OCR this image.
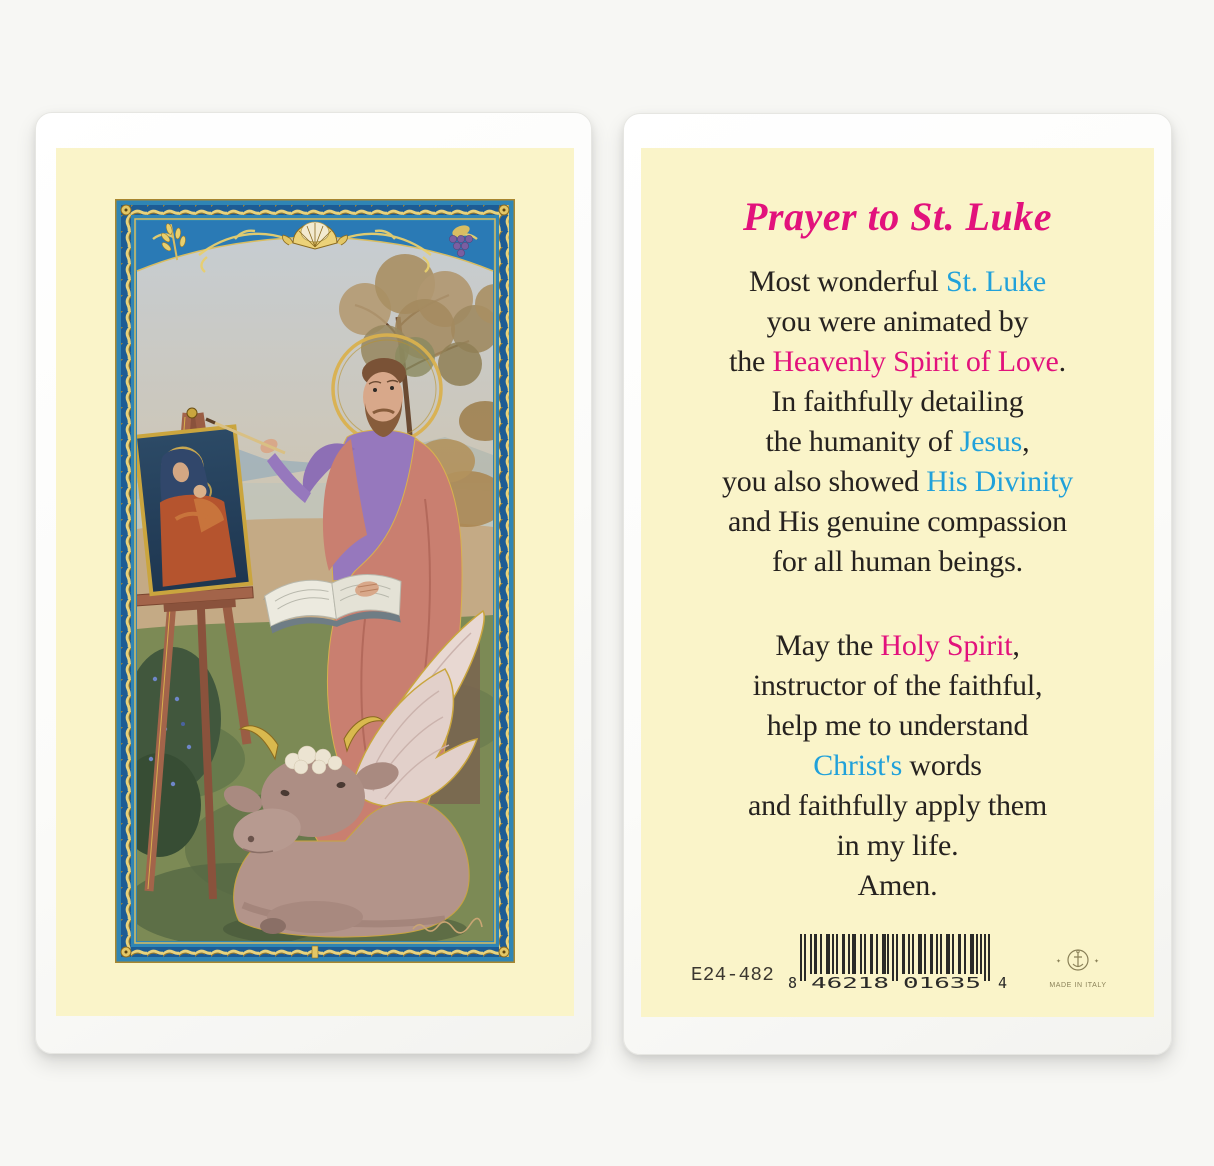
Prayer to St. Luke
Most wonderful St. Luke
you were animated by
the Heavenly Spirit of Love.
In faithfully detailing
the humanity of Jesus,
you also showed His Divinity
and His genuine compassion
for all human beings.
May the Holy Spirit,
instructor of the faithful,
help me to understand
Christ's words
and faithfully apply them
in my life.
Amen.
E24-482 8 46218 01635 4
✦	✦
MADE IN ITALY
